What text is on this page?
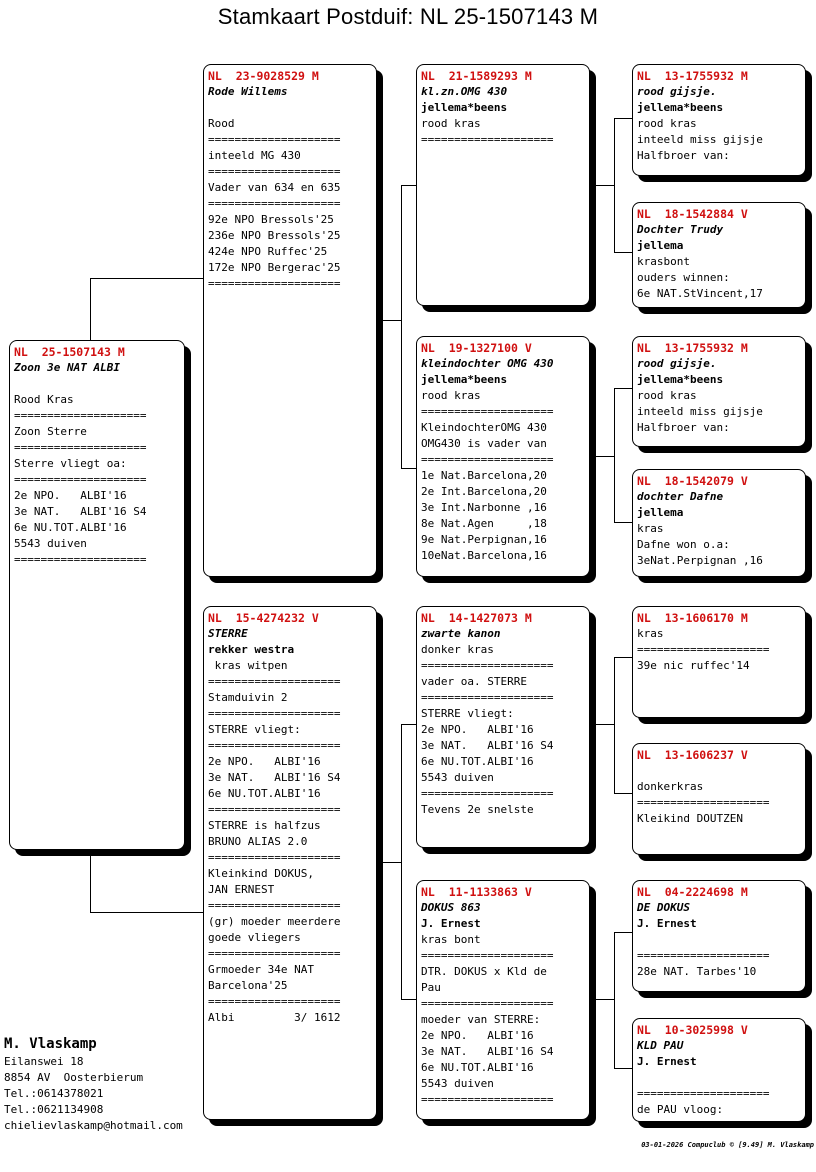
Stamkaart Postduif: NL 25-1507143 M
NL  25-1507143 M
Zoon 3e NAT ALBI
Rood Kras
====================
Zoon Sterre
====================
Sterre vliegt oa:
====================
2e NPO.   ALBI'16
3e NAT.   ALBI'16 S4
6e NU.TOT.ALBI'16
5543 duiven
====================
NL  23-9028529 M
Rode Willems
Rood
====================
inteeld MG 430
====================
Vader van 634 en 635
====================
92e NPO Bressols'25
236e NPO Bressols'25
424e NPO Ruffec'25
172e NPO Bergerac'25
====================
NL  15-4274232 V
STERRE
rekker westra
kras witpen
====================
Stamduivin 2
====================
STERRE vliegt:
====================
2e NPO.   ALBI'16
3e NAT.   ALBI'16 S4
6e NU.TOT.ALBI'16
====================
STERRE is halfzus
BRUNO ALIAS 2.0
====================
Kleinkind DOKUS,
JAN ERNEST
====================
(gr) moeder meerdere
goede vliegers
====================
Grmoeder 34e NAT
Barcelona'25
====================
Albi         3/ 1612
NL  21-1589293 M
kl.zn.OMG 430
jellema*beens
rood kras
====================
NL  19-1327100 V
kleindochter OMG 430
jellema*beens
rood kras
====================
KleindochterOMG 430
OMG430 is vader van
====================
1e Nat.Barcelona,20
2e Int.Barcelona,20
3e Int.Narbonne ,16
8e Nat.Agen     ,18
9e Nat.Perpignan,16
10eNat.Barcelona,16
NL  14-1427073 M
zwarte kanon
donker kras
====================
vader oa. STERRE
====================
STERRE vliegt:
2e NPO.   ALBI'16
3e NAT.   ALBI'16 S4
6e NU.TOT.ALBI'16
5543 duiven
====================
Tevens 2e snelste
NL  11-1133863 V
DOKUS 863
J. Ernest
kras bont
====================
DTR. DOKUS x Kld de
Pau
====================
moeder van STERRE:
2e NPO.   ALBI'16
3e NAT.   ALBI'16 S4
6e NU.TOT.ALBI'16
5543 duiven
====================
NL  13-1755932 M
rood gijsje.
jellema*beens
rood kras
inteeld miss gijsje
Halfbroer van:
NL  18-1542884 V
Dochter Trudy
jellema
krasbont
ouders winnen:
6e NAT.StVincent,17
NL  13-1755932 M
rood gijsje.
jellema*beens
rood kras
inteeld miss gijsje
Halfbroer van:
NL  18-1542079 V
dochter Dafne
jellema
kras
Dafne won o.a:
3eNat.Perpignan ,16
NL  13-1606170 M
kras
====================
39e nic ruffec'14
NL  13-1606237 V
donkerkras
====================
Kleikind DOUTZEN
NL  04-2224698 M
DE DOKUS
J. Ernest
====================
28e NAT. Tarbes'10
NL  10-3025998 V
KLD PAU
J. Ernest
====================
de PAU vloog:
M. Vlaskamp
Eilanswei 18
8854 AV  Oosterbierum
Tel.:0614378021
Tel.:0621134908
chielievlaskamp@hotmail.com
03-01-2026 Compuclub © [9.49] M. Vlaskamp
